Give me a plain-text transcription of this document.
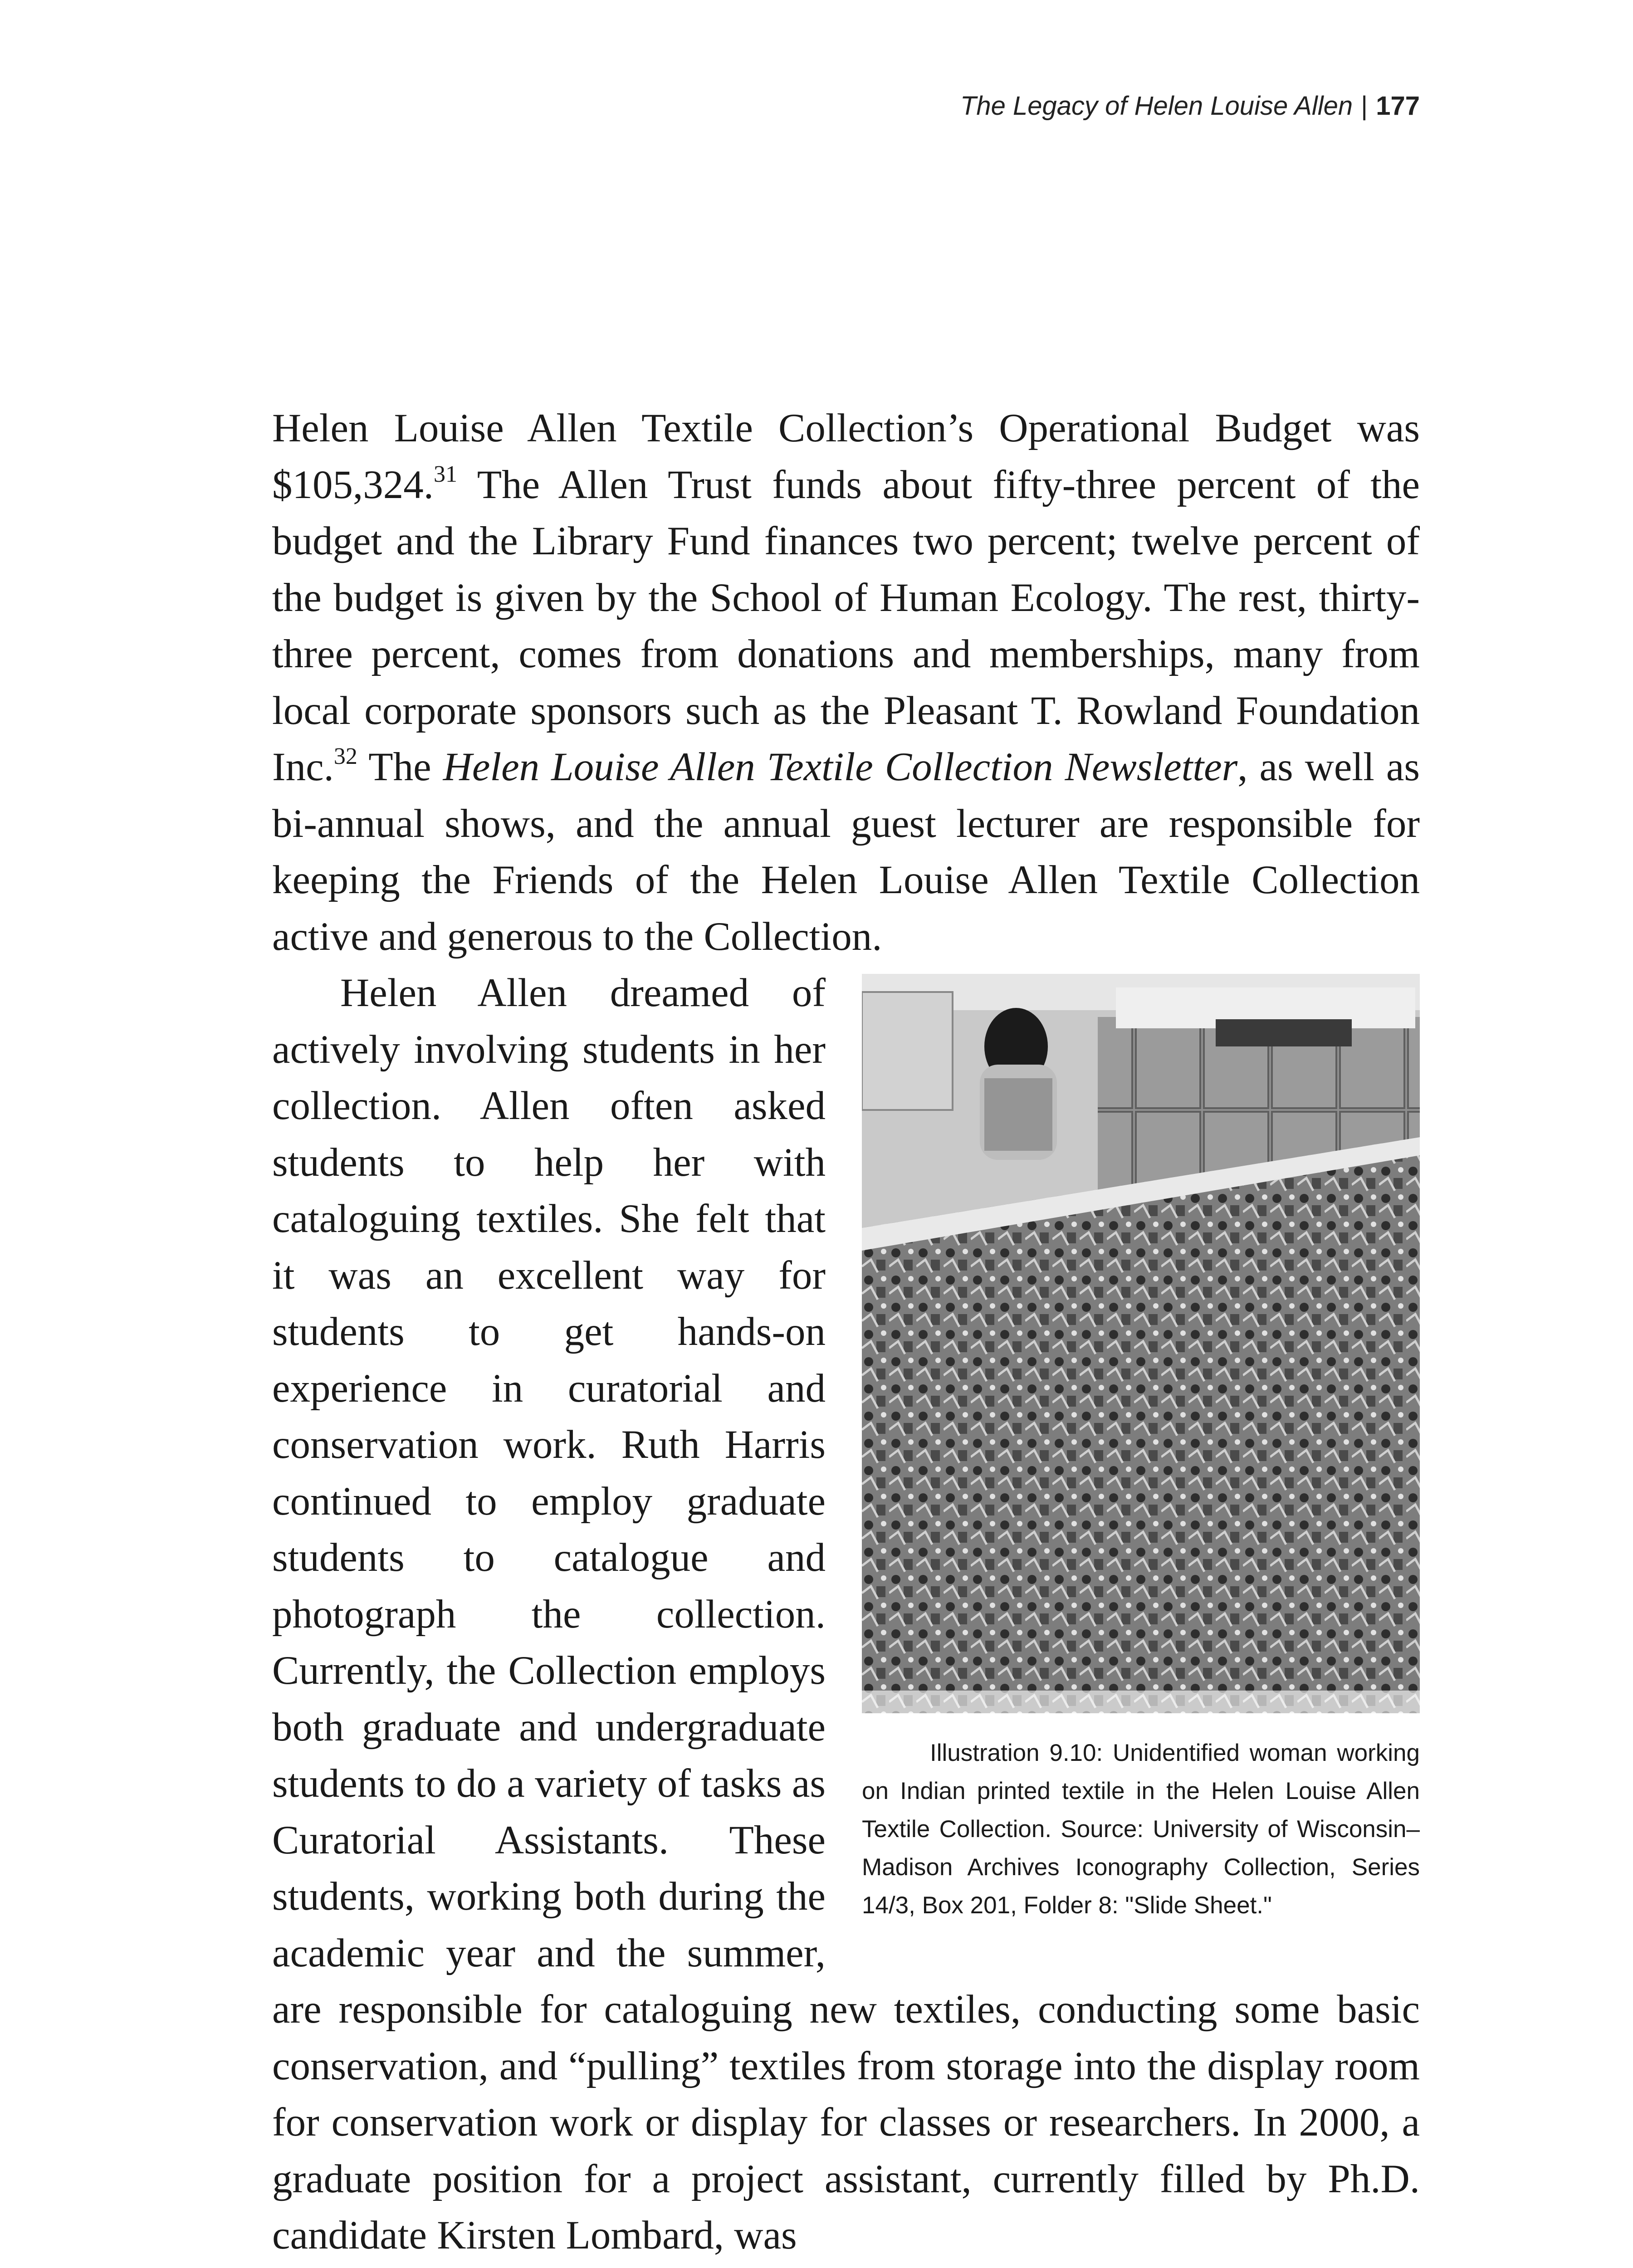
The Legacy of Helen Louise Allen | 177

Helen Louise Allen Textile Collection’s Operational Budget was $105,324.31 The Allen Trust funds about fifty-three percent of the budget and the Library Fund finances two percent; twelve percent of the budget is given by the School of Human Ecology. The rest, thirty-three percent, comes from donations and memberships, many from local corporate sponsors such as the Pleasant T. Rowland Foundation Inc.$^{32}$ The Helen Louise Allen Textile Collection Newsletter, as well as bi-annual shows, and the annual guest lecturer are responsible for keeping the Friends of the Helen Louise Allen Textile Collection active and generous to the Collection.

Illustration 9.10: Unidentified woman working on Indian printed textile in the Helen Louise Allen Textile Collection. Source: University of Wisconsin–Madison Archives Iconography Collection, Series 14/3, Box 201, Folder 8: "Slide Sheet."
Helen Allen dreamed of actively involving students in her collection. Allen often asked students to help her with cataloguing textiles. She felt that it was an excellent way for students to get hands-on experience in curatorial and conservation work. Ruth Harris continued to employ graduate students to catalogue and photograph the collection. Currently, the Collection employs both graduate and undergraduate students to do a variety of tasks as Curatorial Assistants. These students, working both during the academic year and the summer, are responsible for cataloguing new textiles, conducting some basic conservation, and “pulling” textiles from storage into the display room for conservation work or display for classes or researchers. In 2000, a graduate position for a project assistant, currently filled by Ph.D. candidate Kirsten Lombard, was
